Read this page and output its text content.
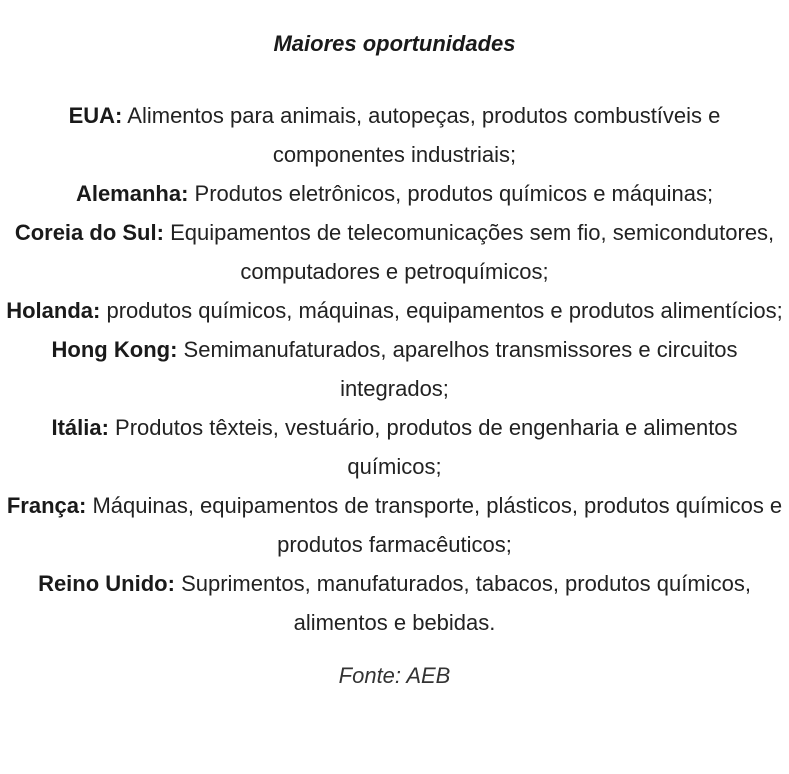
Maiores oportunidades
EUA: Alimentos para animais, autopeças, produtos combustíveis e componentes industriais;
Alemanha: Produtos eletrônicos, produtos químicos e máquinas;
Coreia do Sul: Equipamentos de telecomunicações sem fio, semicondutores, computadores e petroquímicos;
Holanda: produtos químicos, máquinas, equipamentos e produtos alimentícios;
Hong Kong: Semimanufaturados, aparelhos transmissores e circuitos integrados;
Itália: Produtos têxteis, vestuário, produtos de engenharia e alimentos químicos;
França: Máquinas, equipamentos de transporte, plásticos, produtos químicos e produtos farmacêuticos;
Reino Unido: Suprimentos, manufaturados, tabacos, produtos químicos, alimentos e bebidas.

Fonte: AEB
